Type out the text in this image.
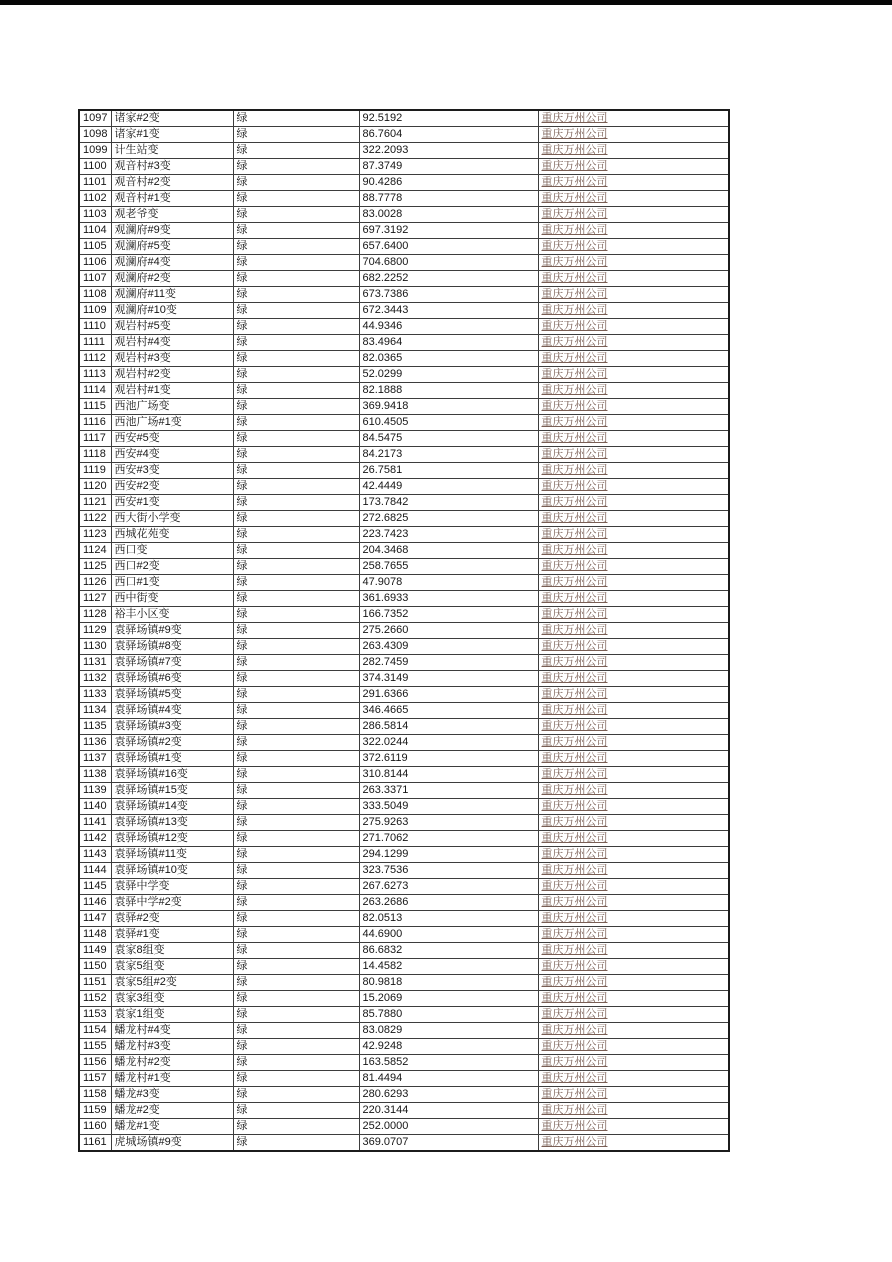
1097	诸家#2变	绿	92.5192	重庆万州公司
1098	诸家#1变	绿	86.7604	重庆万州公司
1099	计生站变	绿	322.2093	重庆万州公司
1100	观音村#3变	绿	87.3749	重庆万州公司
1101	观音村#2变	绿	90.4286	重庆万州公司
1102	观音村#1变	绿	88.7778	重庆万州公司
1103	观老爷变	绿	83.0028	重庆万州公司
1104	观澜府#9变	绿	697.3192	重庆万州公司
1105	观澜府#5变	绿	657.6400	重庆万州公司
1106	观澜府#4变	绿	704.6800	重庆万州公司
1107	观澜府#2变	绿	682.2252	重庆万州公司
1108	观澜府#11变	绿	673.7386	重庆万州公司
1109	观澜府#10变	绿	672.3443	重庆万州公司
1110	观岩村#5变	绿	44.9346	重庆万州公司
1111	观岩村#4变	绿	83.4964	重庆万州公司
1112	观岩村#3变	绿	82.0365	重庆万州公司
1113	观岩村#2变	绿	52.0299	重庆万州公司
1114	观岩村#1变	绿	82.1888	重庆万州公司
1115	西池广场变	绿	369.9418	重庆万州公司
1116	西池广场#1变	绿	610.4505	重庆万州公司
1117	西安#5变	绿	84.5475	重庆万州公司
1118	西安#4变	绿	84.2173	重庆万州公司
1119	西安#3变	绿	26.7581	重庆万州公司
1120	西安#2变	绿	42.4449	重庆万州公司
1121	西安#1变	绿	173.7842	重庆万州公司
1122	西大街小学变	绿	272.6825	重庆万州公司
1123	西城花苑变	绿	223.7423	重庆万州公司
1124	西口变	绿	204.3468	重庆万州公司
1125	西口#2变	绿	258.7655	重庆万州公司
1126	西口#1变	绿	47.9078	重庆万州公司
1127	西中街变	绿	361.6933	重庆万州公司
1128	裕丰小区变	绿	166.7352	重庆万州公司
1129	袁驿场镇#9变	绿	275.2660	重庆万州公司
1130	袁驿场镇#8变	绿	263.4309	重庆万州公司
1131	袁驿场镇#7变	绿	282.7459	重庆万州公司
1132	袁驿场镇#6变	绿	374.3149	重庆万州公司
1133	袁驿场镇#5变	绿	291.6366	重庆万州公司
1134	袁驿场镇#4变	绿	346.4665	重庆万州公司
1135	袁驿场镇#3变	绿	286.5814	重庆万州公司
1136	袁驿场镇#2变	绿	322.0244	重庆万州公司
1137	袁驿场镇#1变	绿	372.6119	重庆万州公司
1138	袁驿场镇#16变	绿	310.8144	重庆万州公司
1139	袁驿场镇#15变	绿	263.3371	重庆万州公司
1140	袁驿场镇#14变	绿	333.5049	重庆万州公司
1141	袁驿场镇#13变	绿	275.9263	重庆万州公司
1142	袁驿场镇#12变	绿	271.7062	重庆万州公司
1143	袁驿场镇#11变	绿	294.1299	重庆万州公司
1144	袁驿场镇#10变	绿	323.7536	重庆万州公司
1145	袁驿中学变	绿	267.6273	重庆万州公司
1146	袁驿中学#2变	绿	263.2686	重庆万州公司
1147	袁驿#2变	绿	82.0513	重庆万州公司
1148	袁驿#1变	绿	44.6900	重庆万州公司
1149	袁家8组变	绿	86.6832	重庆万州公司
1150	袁家5组变	绿	14.4582	重庆万州公司
1151	袁家5组#2变	绿	80.9818	重庆万州公司
1152	袁家3组变	绿	15.2069	重庆万州公司
1153	袁家1组变	绿	85.7880	重庆万州公司
1154	蟠龙村#4变	绿	83.0829	重庆万州公司
1155	蟠龙村#3变	绿	42.9248	重庆万州公司
1156	蟠龙村#2变	绿	163.5852	重庆万州公司
1157	蟠龙村#1变	绿	81.4494	重庆万州公司
1158	蟠龙#3变	绿	280.6293	重庆万州公司
1159	蟠龙#2变	绿	220.3144	重庆万州公司
1160	蟠龙#1变	绿	252.0000	重庆万州公司
1161	虎城场镇#9变	绿	369.0707	重庆万州公司
